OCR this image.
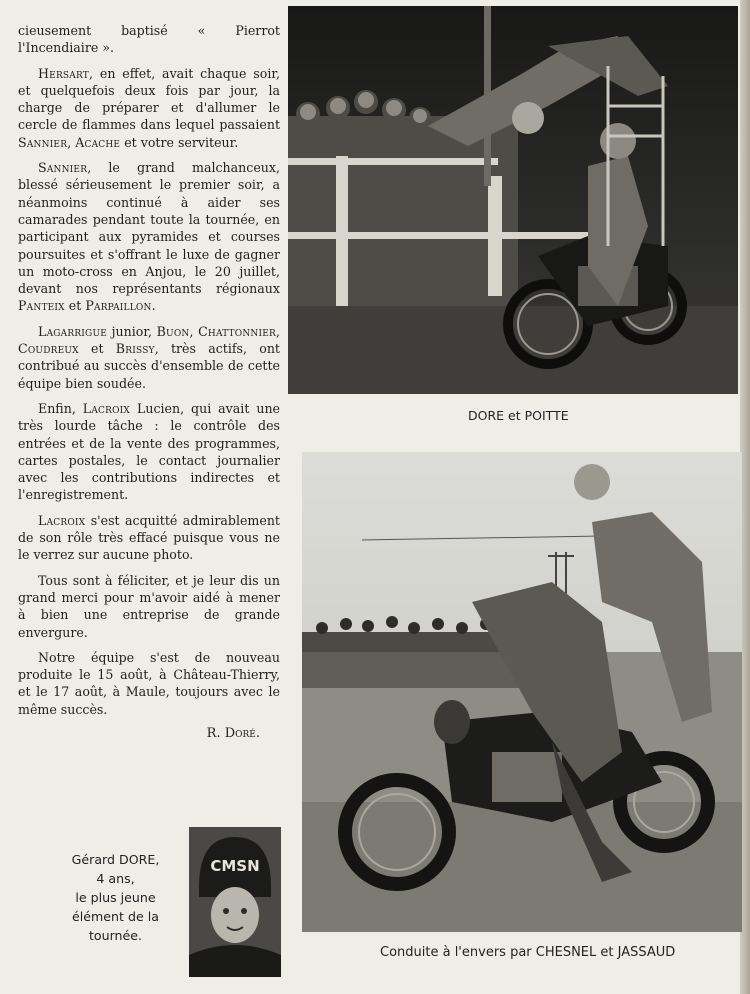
cieusement baptisé « Pierrot l'Incendiaire ».

Hersart, en effet, avait chaque soir, et quelquefois deux fois par jour, la charge de préparer et d'allumer le cercle de flammes dans lequel passaient Sannier, Acache et votre serviteur.

Sannier, le grand malchanceux, blessé sérieusement le premier soir, a néanmoins continué à aider ses camarades pendant toute la tournée, en participant aux pyramides et courses poursuites et s'offrant le luxe de gagner un moto-cross en Anjou, le 20 juillet, devant nos représentants régionaux Panteix et Parpaillon.

Lagarrigue junior, Buon, Chattonnier, Coudreux et Brissy, très actifs, ont contribué au succès d'ensemble de cette équipe bien soudée.

Enfin, Lacroix Lucien, qui avait une très lourde tâche : le contrôle des entrées et de la vente des programmes, cartes postales, le contact journalier avec les contributions indirectes et l'enregistrement.

Lacroix s'est acquitté admirablement de son rôle très effacé puisque vous ne le verrez sur aucune photo.

Tous sont à féliciter, et je leur dis un grand merci pour m'avoir aidé à mener à bien une entreprise de grande envergure.

Notre équipe s'est de nouveau produite le 15 août, à Château-Thierry, et le 17 août, à Maule, toujours avec le même succès.

R. Doré.

DORE et POITTE
Conduite à l'envers par CHESNEL et JASSAUD
CMSN
Gérard DORE,
4 ans,
le plus jeune
élément de la
tournée.
